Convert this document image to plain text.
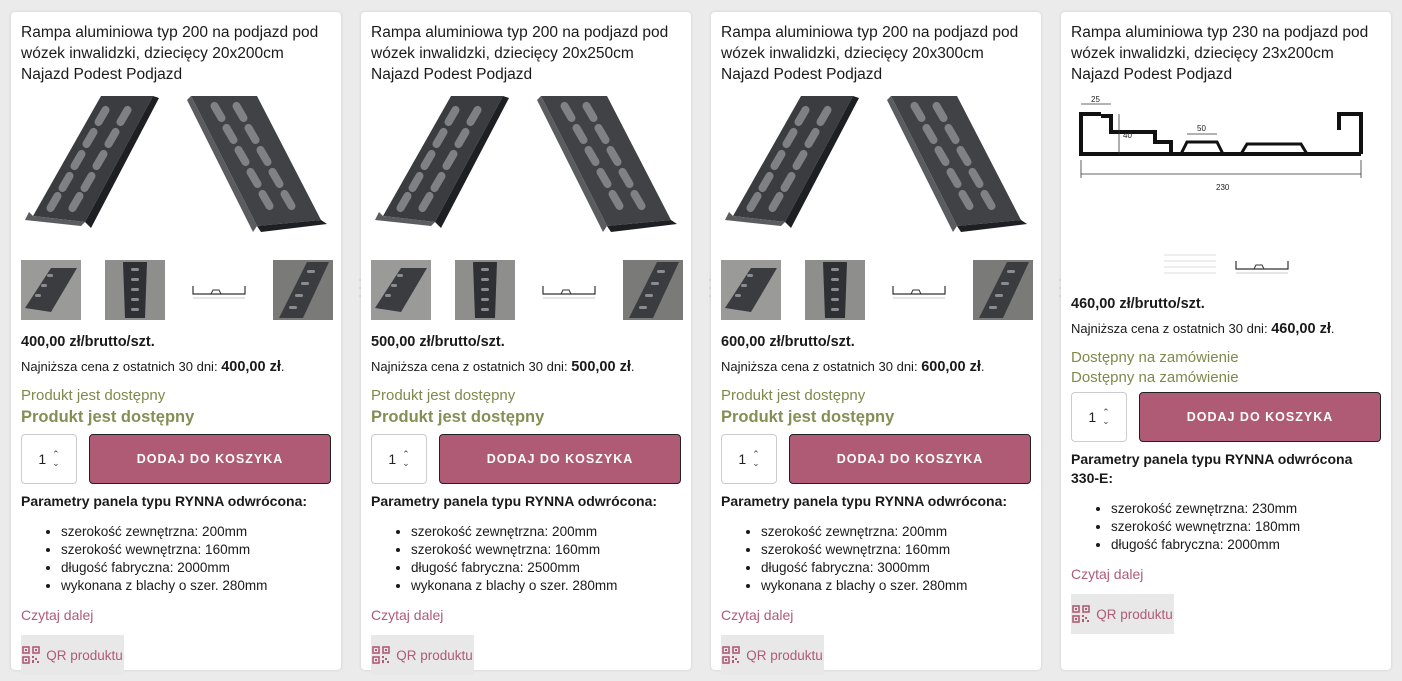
Rampa aluminiowa typ 200 na podjazd pod wózek inwalidzki, dziecięcy 20x200cm Najazd Podest Podjazd
400,00 zł/brutto/szt.
Najniższa cena z ostatnich 30 dni: 400,00 zł.
Produkt jest dostępny
Produkt jest dostępny
1 ⌃
⌄	DODAJ DO KOSZYKA
Parametry panela typu RYNNA odwrócona:
• szerokość zewnętrzna: 200mm
• szerokość wewnętrzna: 160mm
• długość fabryczna: 2000mm
• wykonana z blachy o szer. 280mm
Czytaj dalej
QR produktu
Rampa aluminiowa typ 200 na podjazd pod wózek inwalidzki, dziecięcy 20x250cm Najazd Podest Podjazd
500,00 zł/brutto/szt.
Najniższa cena z ostatnich 30 dni: 500,00 zł.
Produkt jest dostępny
Produkt jest dostępny
1 ⌃
⌄	DODAJ DO KOSZYKA
Parametry panela typu RYNNA odwrócona:
• szerokość zewnętrzna: 200mm
• szerokość wewnętrzna: 160mm
• długość fabryczna: 2500mm
• wykonana z blachy o szer. 280mm
Czytaj dalej
QR produktu
Rampa aluminiowa typ 200 na podjazd pod wózek inwalidzki, dziecięcy 20x300cm Najazd Podest Podjazd
600,00 zł/brutto/szt.
Najniższa cena z ostatnich 30 dni: 600,00 zł.
Produkt jest dostępny
Produkt jest dostępny
1 ⌃
⌄	DODAJ DO KOSZYKA
Parametry panela typu RYNNA odwrócona:
• szerokość zewnętrzna: 200mm
• szerokość wewnętrzna: 160mm
• długość fabryczna: 3000mm
• wykonana z blachy o szer. 280mm
Czytaj dalej
QR produktu
Rampa aluminiowa typ 230 na podjazd pod wózek inwalidzki, dziecięcy 23x200cm Najazd Podest Podjazd
25
40
50
230
460,00 zł/brutto/szt.
Najniższa cena z ostatnich 30 dni: 460,00 zł.
Dostępny na zamówienie
Dostępny na zamówienie
1 ⌃
⌄	DODAJ DO KOSZYKA
Parametry panela typu RYNNA odwrócona 330-E:
• szerokość zewnętrzna: 230mm
• szerokość wewnętrzna: 180mm
• długość fabryczna: 2000mm
Czytaj dalej
QR produktu
